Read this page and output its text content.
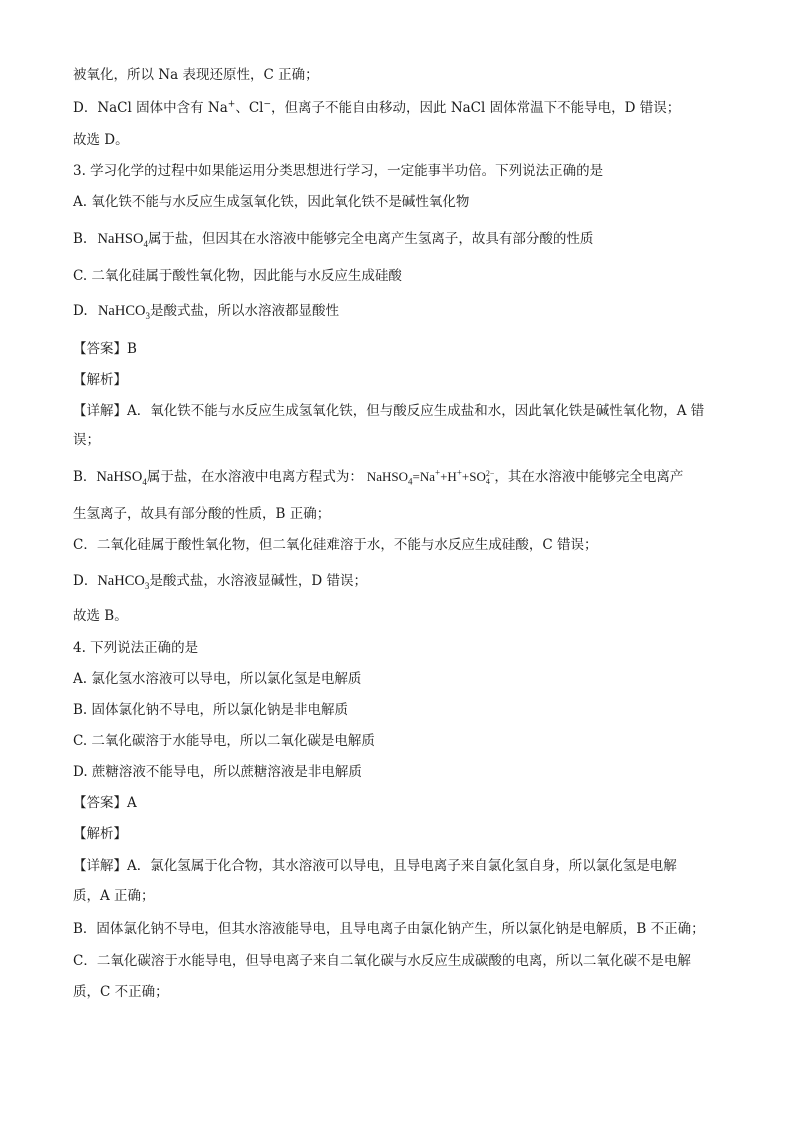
被氧化，所以 Na 表现还原性，C 正确；
D．NaCl 固体中含有 Na+、Cl−，但离子不能自由移动，因此 NaCl 固体常温下不能导电，D 错误；
故选 D。
3. 学习化学的过程中如果能运用分类思想进行学习，一定能事半功倍。下列说法正确的是
A. 氧化铁不能与水反应生成氢氧化铁，因此氧化铁不是碱性氧化物
B. NaHSO$_4$属于盐，但因其在水溶液中能够完全电离产生氢离子，故具有部分酸的性质
C. 二氧化硅属于酸性氧化物，因此能与水反应生成硅酸
D. NaHCO$_3$是酸式盐，所以水溶液都显酸性
【答案】B
【解析】
【详解】A．氧化铁不能与水反应生成氢氧化铁，但与酸反应生成盐和水，因此氧化铁是碱性氧化物，A 错
误；
B．NaHSO$_4$属于盐，在水溶液中电离方程式为： NaHSO$_4$=Na++H++SO 2−
4 ，其在水溶液中能够完全电离产
生氢离子，故具有部分酸的性质，B 正确；
C．二氧化硅属于酸性氧化物，但二氧化硅难溶于水，不能与水反应生成硅酸，C 错误；
D．NaHCO$_3$是酸式盐，水溶液显碱性，D 错误；
故选 B。
4. 下列说法正确的是
A. 氯化氢水溶液可以导电，所以氯化氢是电解质
B. 固体氯化钠不导电，所以氯化钠是非电解质
C. 二氧化碳溶于水能导电，所以二氧化碳是电解质
D. 蔗糖溶液不能导电，所以蔗糖溶液是非电解质
【答案】A
【解析】
【详解】A．氯化氢属于化合物，其水溶液可以导电，且导电离子来自氯化氢自身，所以氯化氢是电解
质，A 正确；
B．固体氯化钠不导电，但其水溶液能导电，且导电离子由氯化钠产生，所以氯化钠是电解质，B 不正确；
C．二氧化碳溶于水能导电，但导电离子来自二氧化碳与水反应生成碳酸的电离，所以二氧化碳不是电解
质，C 不正确；
